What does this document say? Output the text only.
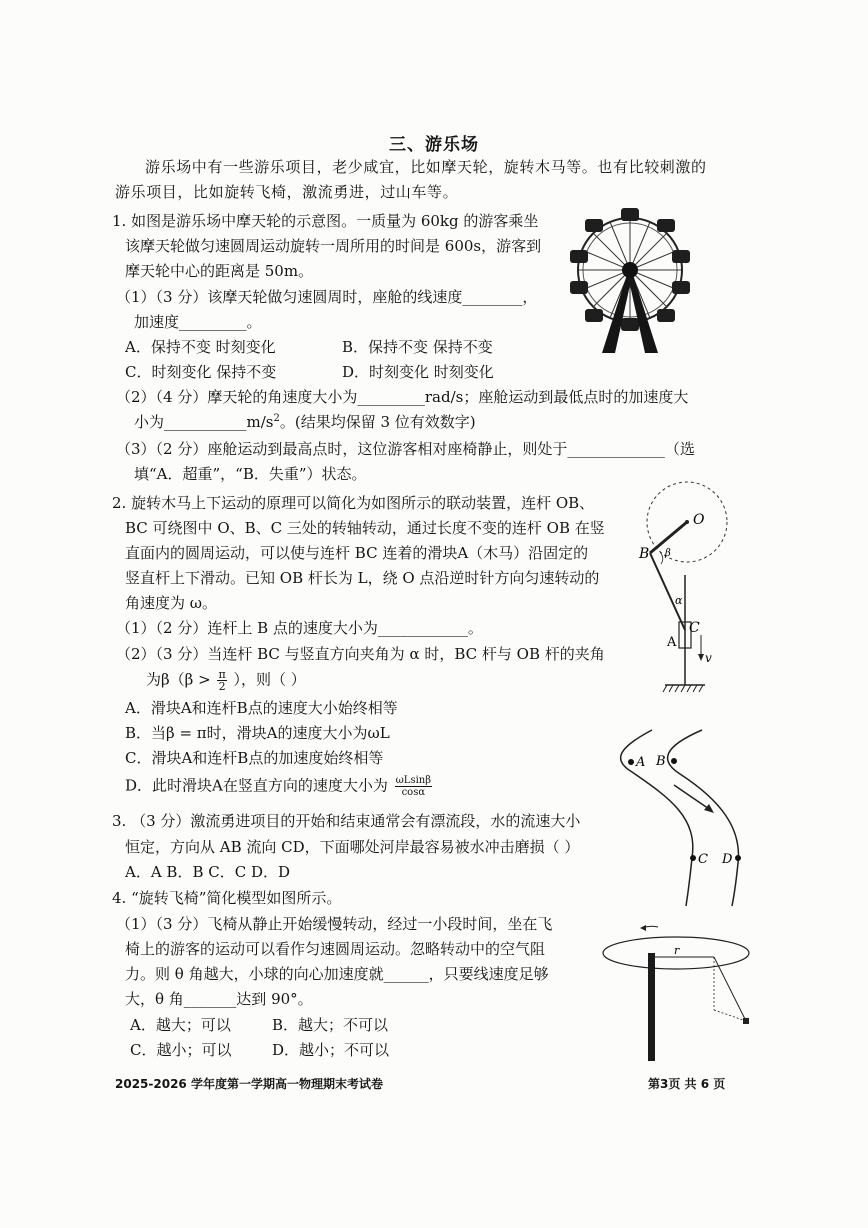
三、游乐场
游乐场中有一些游乐项目，老少咸宜，比如摩天轮，旋转木马等。也有比较刺激的
游乐项目，比如旋转飞椅，激流勇进，过山车等。
1. 如图是游乐场中摩天轮的示意图。一质量为 60kg 的游客乘坐
该摩天轮做匀速圆周运动旋转一周所用的时间是 600s，游客到
摩天轮中心的距离是 50m。
（1）（3 分）该摩天轮做匀速圆周时，座舱的线速度________，
加速度_________。
A．保持不变 时刻变化	B．保持不变 保持不变
C．时刻变化 保持不变	D．时刻变化 时刻变化
（2）（4 分）摩天轮的角速度大小为_________rad/s；座舱运动到最低点时的加速度大
小为$\_\_\_\_\_\_\_\_\_\_\_m/s^2$。(结果均保留 3 位有效数字)
（3）（2 分）座舱运动到最高点时，这位游客相对座椅静止，则处于_____________（选
填“A．超重”，“B．失重”）状态。
2. 旋转木马上下运动的原理可以简化为如图所示的联动装置，连杆 OB、
BC 可绕图中 O、B、C 三处的转轴转动，通过长度不变的连杆 OB 在竖
直面内的圆周运动，可以使与连杆 BC 连着的滑块A（木马）沿固定的
竖直杆上下滑动。已知 OB 杆长为 L，绕 O 点沿逆时针方向匀速转动的
角速度为 ω。
（1）（2 分）连杆上 B 点的速度大小为____________。
（2）（3 分）当连杆 BC 与竖直方向夹角为 α 时，BC 杆与 OB 杆的夹角
为$\beta(\beta > \frac{\pi}{2}$ ），则（ ）
A．滑块A和连杆B点的速度大小始终相等
B．当β = π时，滑块A的速度大小为ωL
C．滑块A和连杆B点的加速度始终相等
D．此时滑块A在竖直方向的速度大小为 $\frac{\omega Lsin\beta}{\cos\alpha}$
O
B β
α
C
A
v
3. （3 分）激流勇进项目的开始和结束通常会有漂流段，水的流速大小
恒定，方向从 AB 流向 CD，下面哪处河岸最容易被水冲击磨损（ ）
A．A B．B C．C D．D
A B
C D
4. “旋转飞椅”简化模型如图所示。
（1）（3 分）飞椅从静止开始缓慢转动，经过一小段时间，坐在飞
椅上的游客的运动可以看作匀速圆周运动。忽略转动中的空气阻
力。则 θ 角越大，小球的向心加速度就______，只要线速度足够
大，θ 角_______达到 90°。
A．越大；可以	B．越大；不可以
C．越小；可以	D．越小；不可以
r
2025-2026 学年度第一学期高一物理期末考试卷	第3页 共 6 页
